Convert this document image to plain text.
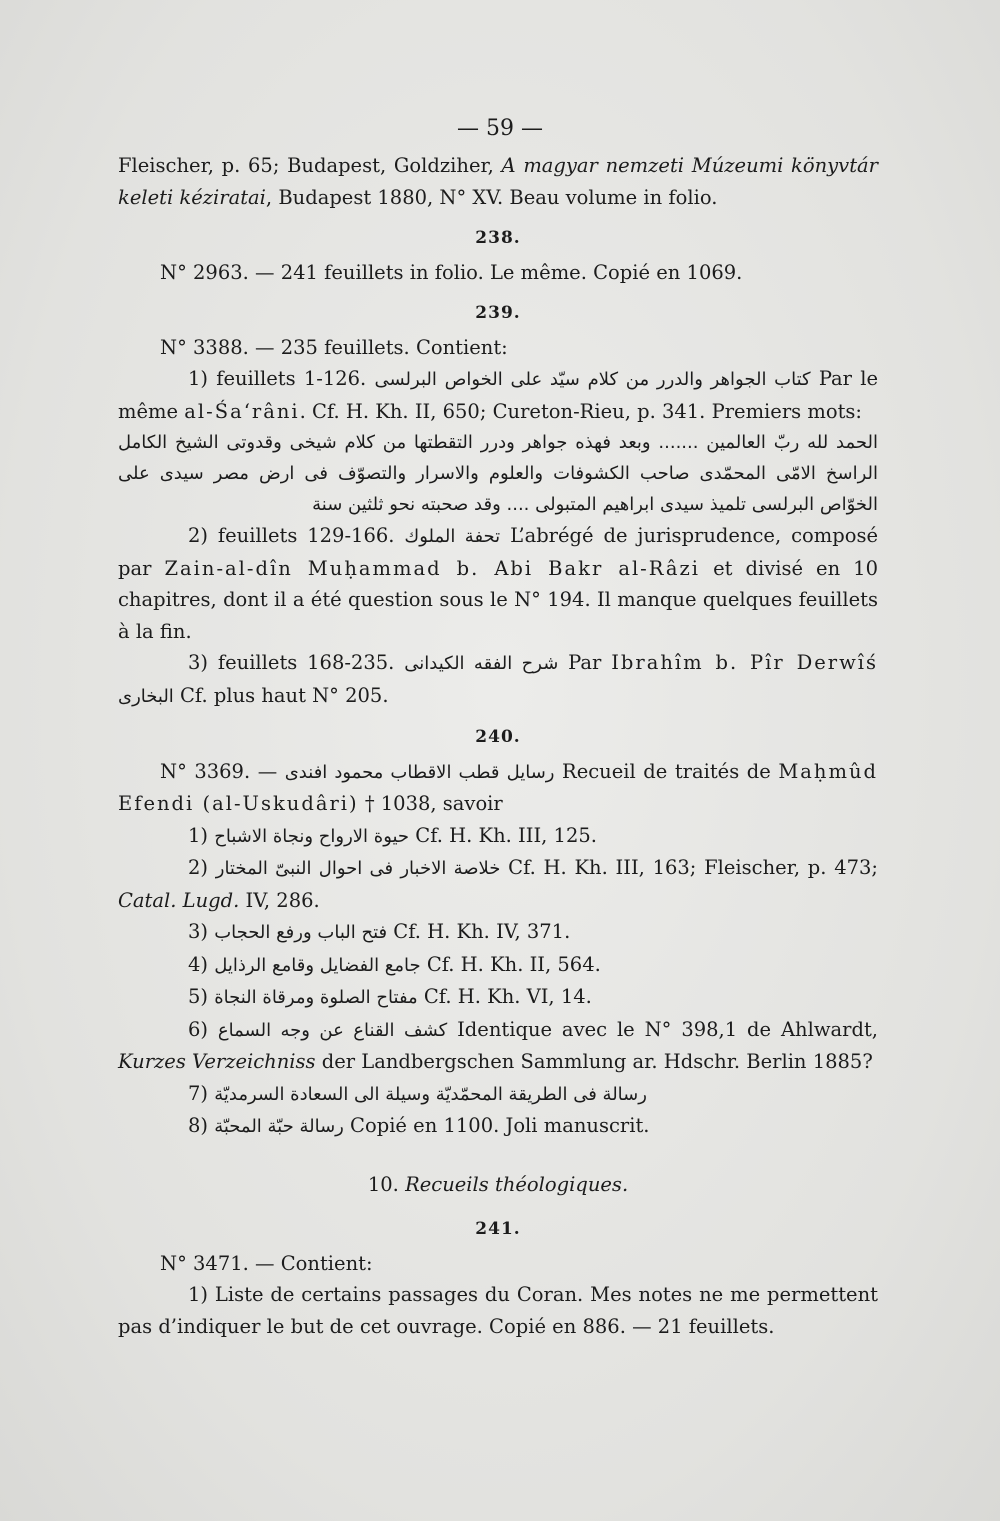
— 59 —

Fleischer, p. 65; Budapest, Goldziher, A magyar nemzeti Múzeumi könyvtár keleti kéziratai, Budapest 1880, N° XV. Beau volume in folio.

238.

N° 2963. — 241 feuillets in folio. Le même. Copié en 1069.

239.

N° 3388. — 235 feuillets. Contient:

1) feuillets 1-126. كتاب الجواهر والدرر من كلام سيّد على الخواص البرلسى Par le même al-Śa‘râni. Cf. H. Kh. II, 650; Cureton-Rieu, p. 341. Premiers mots:

الحمد لله ربّ العالمين ....... وبعد فهذه جواهر ودرر التقطتها من كلام شيخى وقدوتى الشيخ الكامل الراسخ الامّى المحمّدى صاحب الكشوفات والعلوم والاسرار والتصوّف فى ارض مصر سيدى على الخوّاص البرلسى تلميذ سيدى ابراهيم المتبولى .... وقد صحبته نحو ثلثين سنة

2) feuillets 129-166. تحفة الملوك L’abrégé de jurisprudence, composé par Zain-al-dîn Muḥammad b. Abi Bakr al-Râzi et divisé en 10 chapitres, dont il a été question sous le N° 194. Il manque quelques feuillets à la fin.

3) feuillets 168-235. شرح الفقه الكيدانى Par Ibrahîm b. Pîr Derwîś البخارى Cf. plus haut N° 205.

240.

N° 3369. — رسايل قطب الاقطاب محمود افندى Recueil de traités de Maḥmûd Efendi (al-Uskudâri) † 1038, savoir

1) حيوة الارواح ونجاة الاشباح Cf. H. Kh. III, 125.

2) خلاصة الاخبار فى احوال النبىّ المختار Cf. H. Kh. III, 163; Fleischer, p. 473; Catal. Lugd. IV, 286.

3) فتح الباب ورفع الحجاب Cf. H. Kh. IV, 371.

4) جامع الفضايل وقامع الرذايل Cf. H. Kh. II, 564.

5) مفتاح الصلوة ومرقاة النجاة Cf. H. Kh. VI, 14.

6) كشف القناع عن وجه السماع Identique avec le N° 398,1 de Ahlwardt, Kurzes Verzeichniss der Landbergschen Sammlung ar. Hdschr. Berlin 1885?

7) رسالة فى الطريقة المحمّديّة وسيلة الى السعادة السرمديّة

8) رسالة حبّة المحبّة Copié en 1100. Joli manuscrit.

10. Recueils théologiques.

241.

N° 3471. — Contient:

1) Liste de certains passages du Coran. Mes notes ne me permettent pas d’indiquer le but de cet ouvrage. Copié en 886. — 21 feuillets.
